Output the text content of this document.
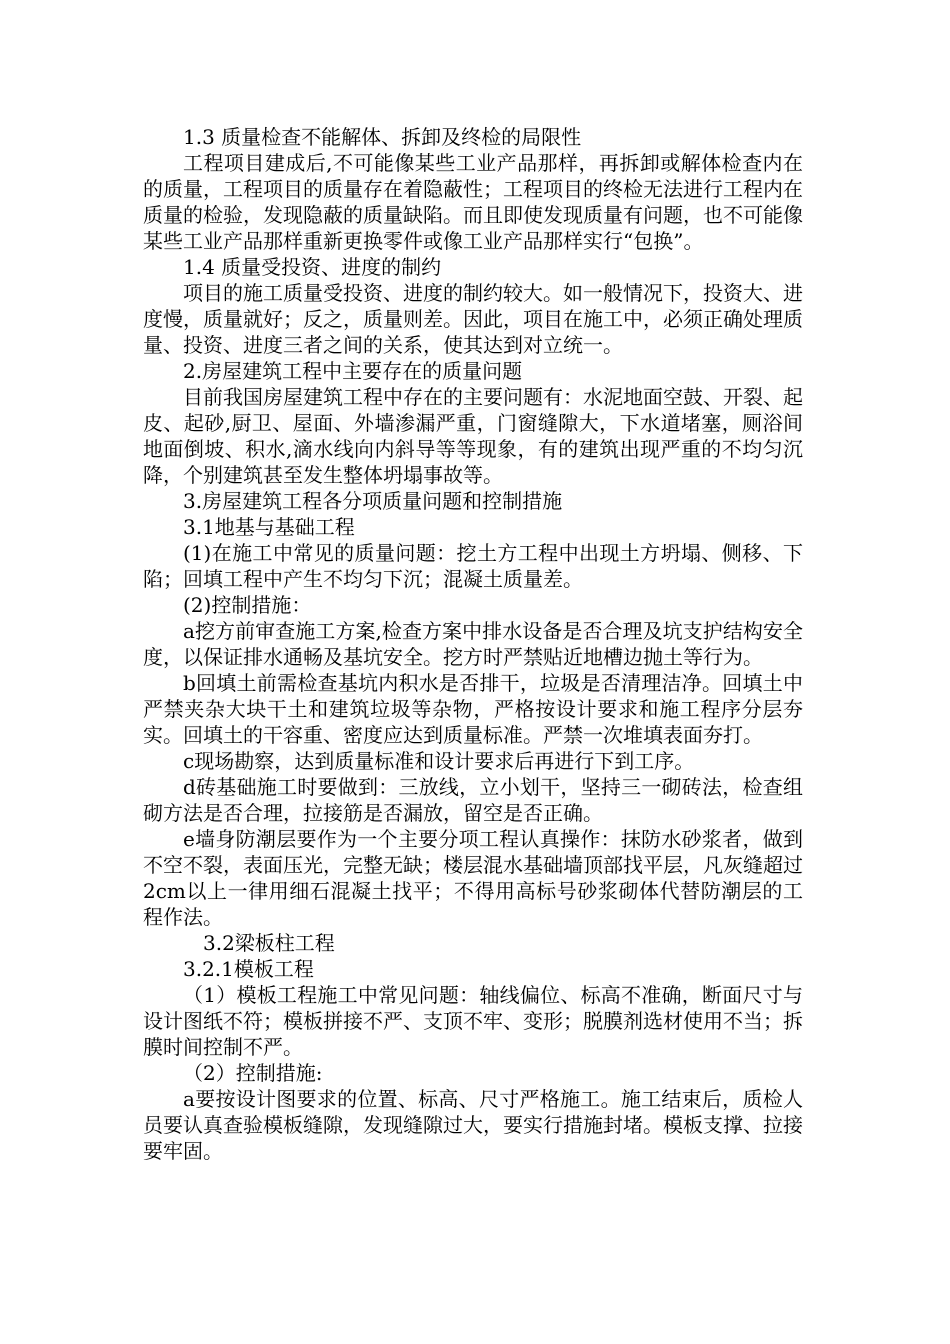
1.3 质量检查不能解体、拆卸及终检的局限性

工程项目建成后,不可能像某些工业产品那样，再拆卸或解体检查内在的质量，工程项目的质量存在着隐蔽性；工程项目的终检无法进行工程内在质量的检验，发现隐蔽的质量缺陷。而且即使发现质量有问题，也不可能像某些工业产品那样重新更换零件或像工业产品那样实行“包换”。

1.4 质量受投资、进度的制约

项目的施工质量受投资、进度的制约较大。如一般情况下，投资大、进度慢，质量就好；反之，质量则差。因此，项目在施工中，必须正确处理质量、投资、进度三者之间的关系，使其达到对立统一。

2.房屋建筑工程中主要存在的质量问题

目前我国房屋建筑工程中存在的主要问题有：水泥地面空鼓、开裂、起皮、起砂,厨卫、屋面、外墙渗漏严重，门窗缝隙大，下水道堵塞，厕浴间地面倒坡、积水,滴水线向内斜导等等现象，有的建筑出现严重的不均匀沉降，个别建筑甚至发生整体坍塌事故等。

3.房屋建筑工程各分项质量问题和控制措施

3.1地基与基础工程

(1)在施工中常见的质量问题：挖土方工程中出现土方坍塌、侧移、下陷；回填工程中产生不均匀下沉；混凝土质量差。

(2)控制措施：

a挖方前审查施工方案,检查方案中排水设备是否合理及坑支护结构安全度，以保证排水通畅及基坑安全。挖方时严禁贴近地槽边抛土等行为。

b回填土前需检查基坑内积水是否排干，垃圾是否清理洁净。回填土中严禁夹杂大块干土和建筑垃圾等杂物，严格按设计要求和施工程序分层夯实。回填土的干容重、密度应达到质量标准。严禁一次堆填表面夯打。

c现场勘察，达到质量标准和设计要求后再进行下到工序。

d砖基础施工时要做到：三放线，立小划干，坚持三一砌砖法，检查组砌方法是否合理，拉接筋是否漏放，留空是否正确。

e墙身防潮层要作为一个主要分项工程认真操作：抹防水砂浆者，做到不空不裂，表面压光，完整无缺；楼层混水基础墙顶部找平层，凡灰缝超过2cm以上一律用细石混凝土找平；不得用高标号砂浆砌体代替防潮层的工程作法。

3.2梁板柱工程

3.2.1模板工程

（1）模板工程施工中常见问题：轴线偏位、标高不准确，断面尺寸与设计图纸不符；模板拼接不严、支顶不牢、变形；脱膜剂选材使用不当；拆膜时间控制不严。

（2）控制措施:

a要按设计图要求的位置、标高、尺寸严格施工。施工结束后，质检人员要认真查验模板缝隙，发现缝隙过大，要实行措施封堵。模板支撑、拉接要牢固。
